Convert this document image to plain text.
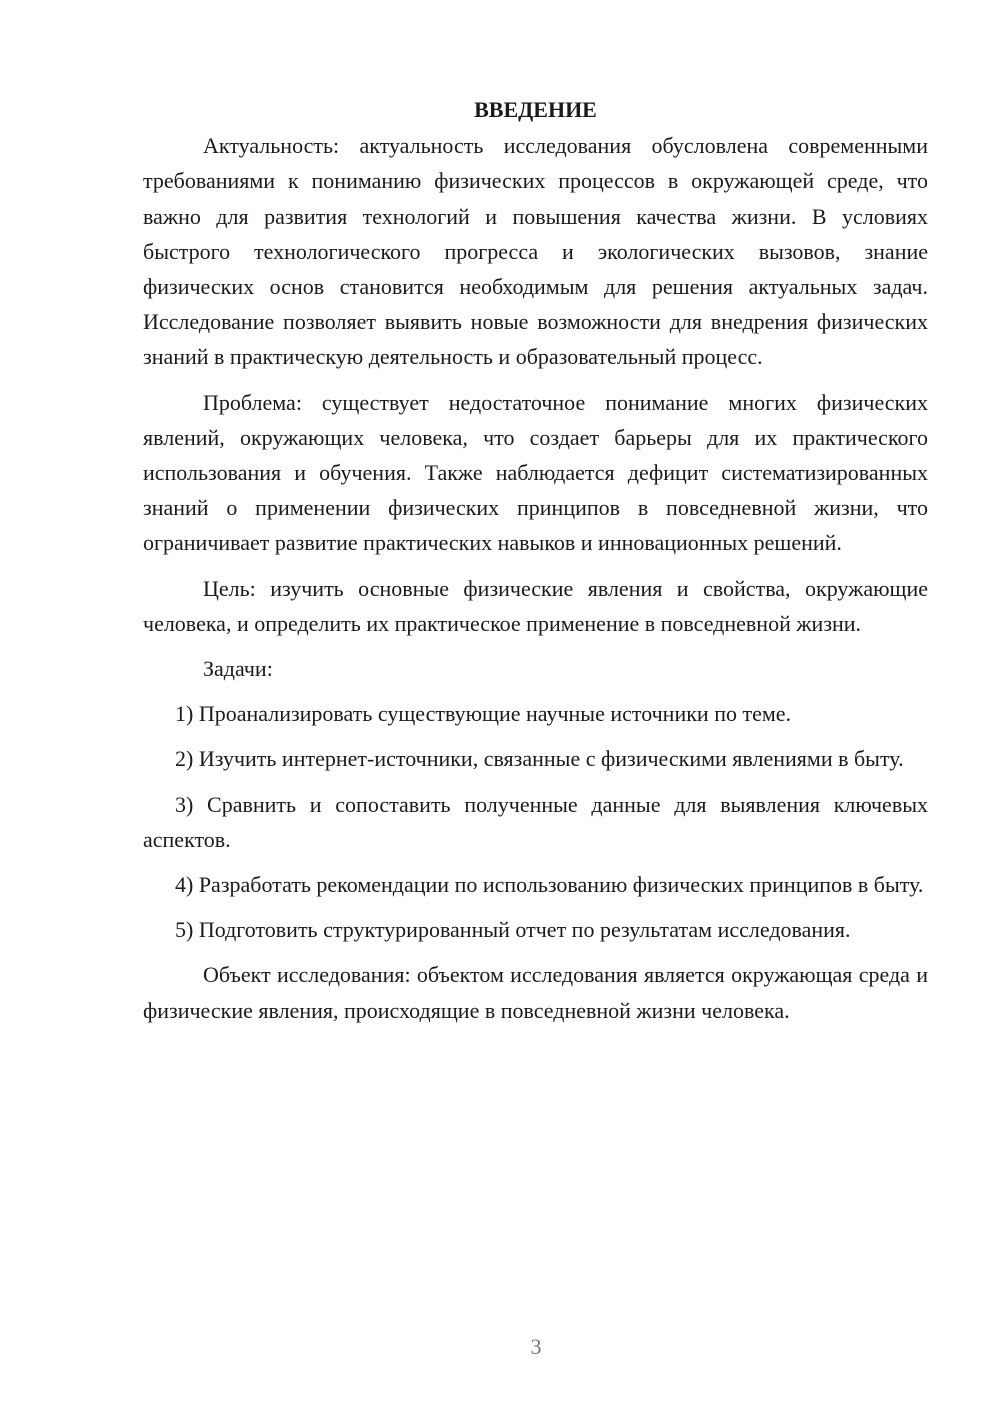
ВВЕДЕНИЕ

Актуальность: актуальность исследования обусловлена современными требованиями к пониманию физических процессов в окружающей среде, что важно для развития технологий и повышения качества жизни. В условиях быстрого технологического прогресса и экологических вызовов, знание физических основ становится необходимым для решения актуальных задач. Исследование позволяет выявить новые возможности для внедрения физических знаний в практическую деятельность и образовательный процесс.

Проблема: существует недостаточное понимание многих физических явлений, окружающих человека, что создает барьеры для их практического использования и обучения. Также наблюдается дефицит систематизированных знаний о применении физических принципов в повседневной жизни, что ограничивает развитие практических навыков и инновационных решений.

Цель: изучить основные физические явления и свойства, окружающие человека, и определить их практическое применение в повседневной жизни.

Задачи:

1) Проанализировать существующие научные источники по теме.

2) Изучить интернет-источники, связанные с физическими явлениями в быту.

3) Сравнить и сопоставить полученные данные для выявления ключевых аспектов.

4) Разработать рекомендации по использованию физических принципов в быту.

5) Подготовить структурированный отчет по результатам исследования.

Объект исследования: объектом исследования является окружающая среда и физические явления, происходящие в повседневной жизни человека.

3
